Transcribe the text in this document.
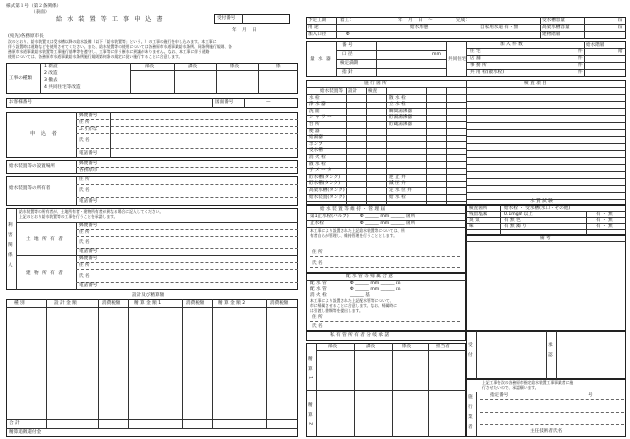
様式第１号（第２条関係）
（表面）
給 水 装 置 等 工 事 申 込 書	受付番号
年 月 日
(宛先)各務原市長
次のとおり、給水装置又は受水槽以降の給水設備（以下「給水装置等」という。）の工事の施行を申し込みます。本工事に
伴う設置時は道路などを使用させてください。また、給水装置等の使用については各務原市水道事業給水条例、同条例施行規則、各
務原市水道事業給水装置等工事施行基準等を遵守し、工事等に伴う断水に異議がありません。なお、本工事に伴う道路
使用については、各務原市水道事業給水条例施行規則第何条の規定に従い施行することに合意します。
工事の種類
1 新設
2 改造
3 撤去
4 共同住宅等改造
部長	課長	係長	係
お客様番号	図面番号	—
申 込 者
郵便番号
住 所
ふりがな
氏 名
電話番号
給水装置等の設置場所
郵便番号
各務原市
給水装置等の所有者
住 所
氏 名
電話番号
利 害 関 係 人
給水装置等の所有者が、土地所有者・建物所有者が異なる場合に記入してください。
上記のとおり給水装置等の工事を行うことを承諾します。
土 地 所 有 者
建 物 所 有 者
郵便番号
住 所
氏 名
電話番号
郵便番号
住 所
氏 名
電話番号
設計及び精算額
種 別	設 計 金 額	消費税額	精 算 金 額 1	消費税額	精 算 金 額 2	消費税額
合 計
精算追徴還付金
予定工期	着工：	年 月 日 ～	完成：	受水槽容量	㎥
用 途	給水形態	自家用水道 有・無	高架水槽容量	㎥
加入口径	Φ	建物階層
量 水 器
番 号
口 径	mm
検定満期
指 針
共同住宅
加 入 件 数
住 宅
店 舗
事 務 所
共 用 栓(散水栓)
件
件
件
件
給水階層
階
施 行 箇 所	検 査 項 目
給水装置等 設計 検査
水 質 試 験
検査箇所	給水栓 ・ 受水槽(水口・その他)
残留塩素	0.1mg/ℓ 以上	有 ・ 無
臭 気	有 無 色	有 ・ 無
味	有 無 濁 り	有 ・ 無
備 考
給 水 装 置 等 維 持 ・ 管 理 届
第1止水栓(バルブ) Φ ______ mm ______ 箇所
止水栓	Φ ______ mm ______ 箇所
本工事により設置された上記給水装置等については、所
有者自らが管理し、維持管理を行うこととします。
住 所
氏 名
配 水 管 等 帰 属 合 意
配 水 管	Φ ______ mm ______ ｍ
配 水 管	Φ ______ mm ______ ｍ
消 火 栓	______ 基
本工事により設置された上記配水管等について、
市に帰属させることに合意します。なお、帰属時に
は引渡し書類等を提出します。
住 所
氏 名
私 有 管 所 有 者 分 岐 承 諾
受 付	承 認
精 算 1
精 算 2
部長	課長	係長	担当者
上記工事を次の各務原市指定給水装置工事事業者に施
行させたいので、承認願います。
施 行 業 者	指定番号	号
主任技術者氏名
水 栓	散 水 栓
浄 水 器	立 水 栓
洗 面	瞬間湯沸器
シ ャ ワ ー	貯湯湯沸器
台 所	貯蔵湯沸器
便 器
給湯器
ポンプ
受水槽
消 火 栓
散 水 栓
子 メ ー タ
貯水槽(タンク)	逆 止 弁
貯水槽(タンク)	減 圧 弁
高架水槽(タンク)	定 水 位 弁
給水装置(タンク)	給 水 栓
